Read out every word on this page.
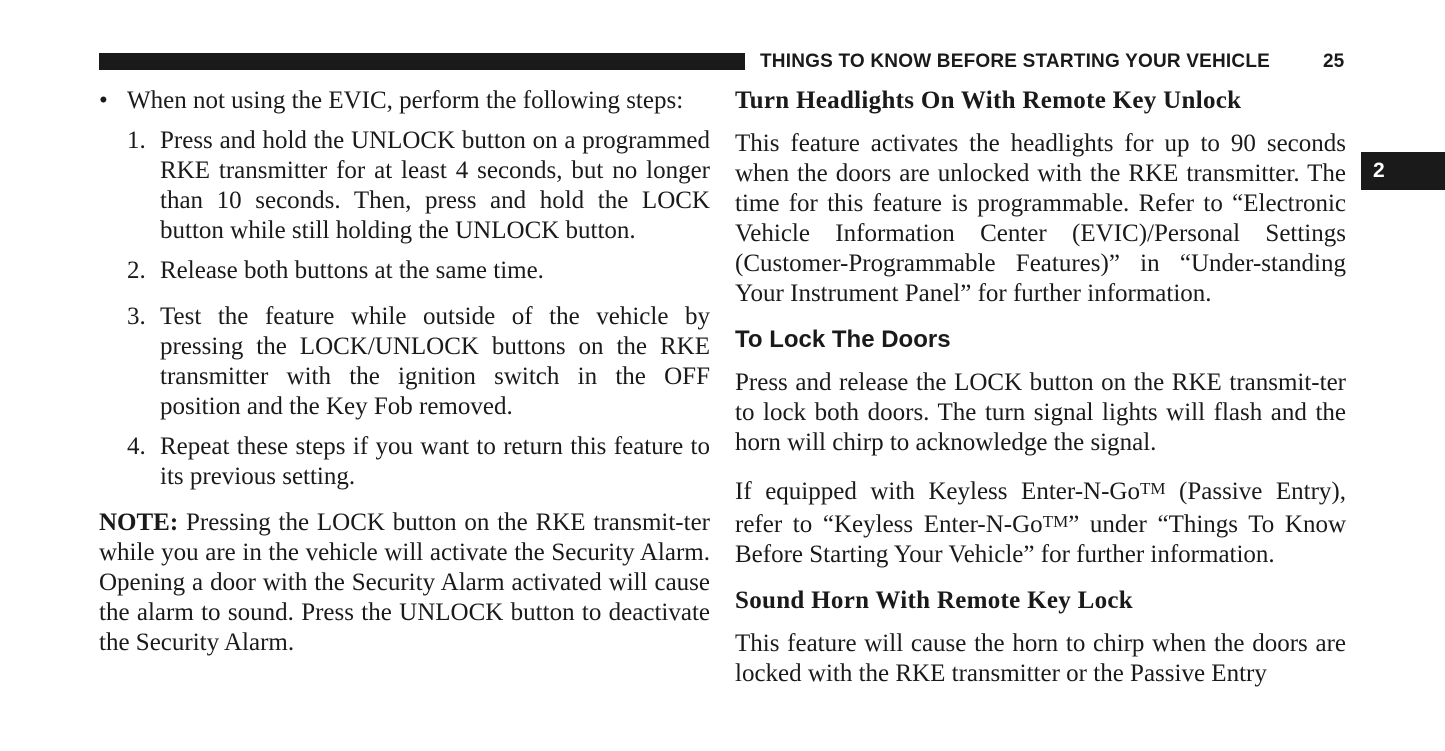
THINGS TO KNOW BEFORE STARTING YOUR VEHICLE	25
2
• When not using the EVIC, perform the following steps:
1. Press and hold the UNLOCK button on a programmed RKE transmitter for at least 4 seconds, but no longer than 10 seconds. Then, press and hold the LOCK button while still holding the UNLOCK button.
2. Release both buttons at the same time.
3. Test the feature while outside of the vehicle by pressing the LOCK/UNLOCK buttons on the RKE transmitter with the ignition switch in the OFF position and the Key Fob removed.
4. Repeat these steps if you want to return this feature to its previous setting.

NOTE: Pressing the LOCK button on the RKE transmit-ter while you are in the vehicle will activate the Security Alarm. Opening a door with the Security Alarm activated will cause the alarm to sound. Press the UNLOCK button to deactivate the Security Alarm.

Turn Headlights On With Remote Key Unlock

This feature activates the headlights for up to 90 seconds when the doors are unlocked with the RKE transmitter. The time for this feature is programmable. Refer to “Electronic Vehicle Information Center (EVIC)/Personal Settings (Customer-Programmable Features)” in “Under-standing Your Instrument Panel” for further information.

To Lock The Doors

Press and release the LOCK button on the RKE transmit-ter to lock both doors. The turn signal lights will flash and the horn will chirp to acknowledge the signal.

If equipped with Keyless Enter-N-Go™ (Passive Entry), refer to “Keyless Enter-N-Go™” under “Things To Know Before Starting Your Vehicle” for further information.

Sound Horn With Remote Key Lock

This feature will cause the horn to chirp when the doors are locked with the RKE transmitter or the Passive Entry
